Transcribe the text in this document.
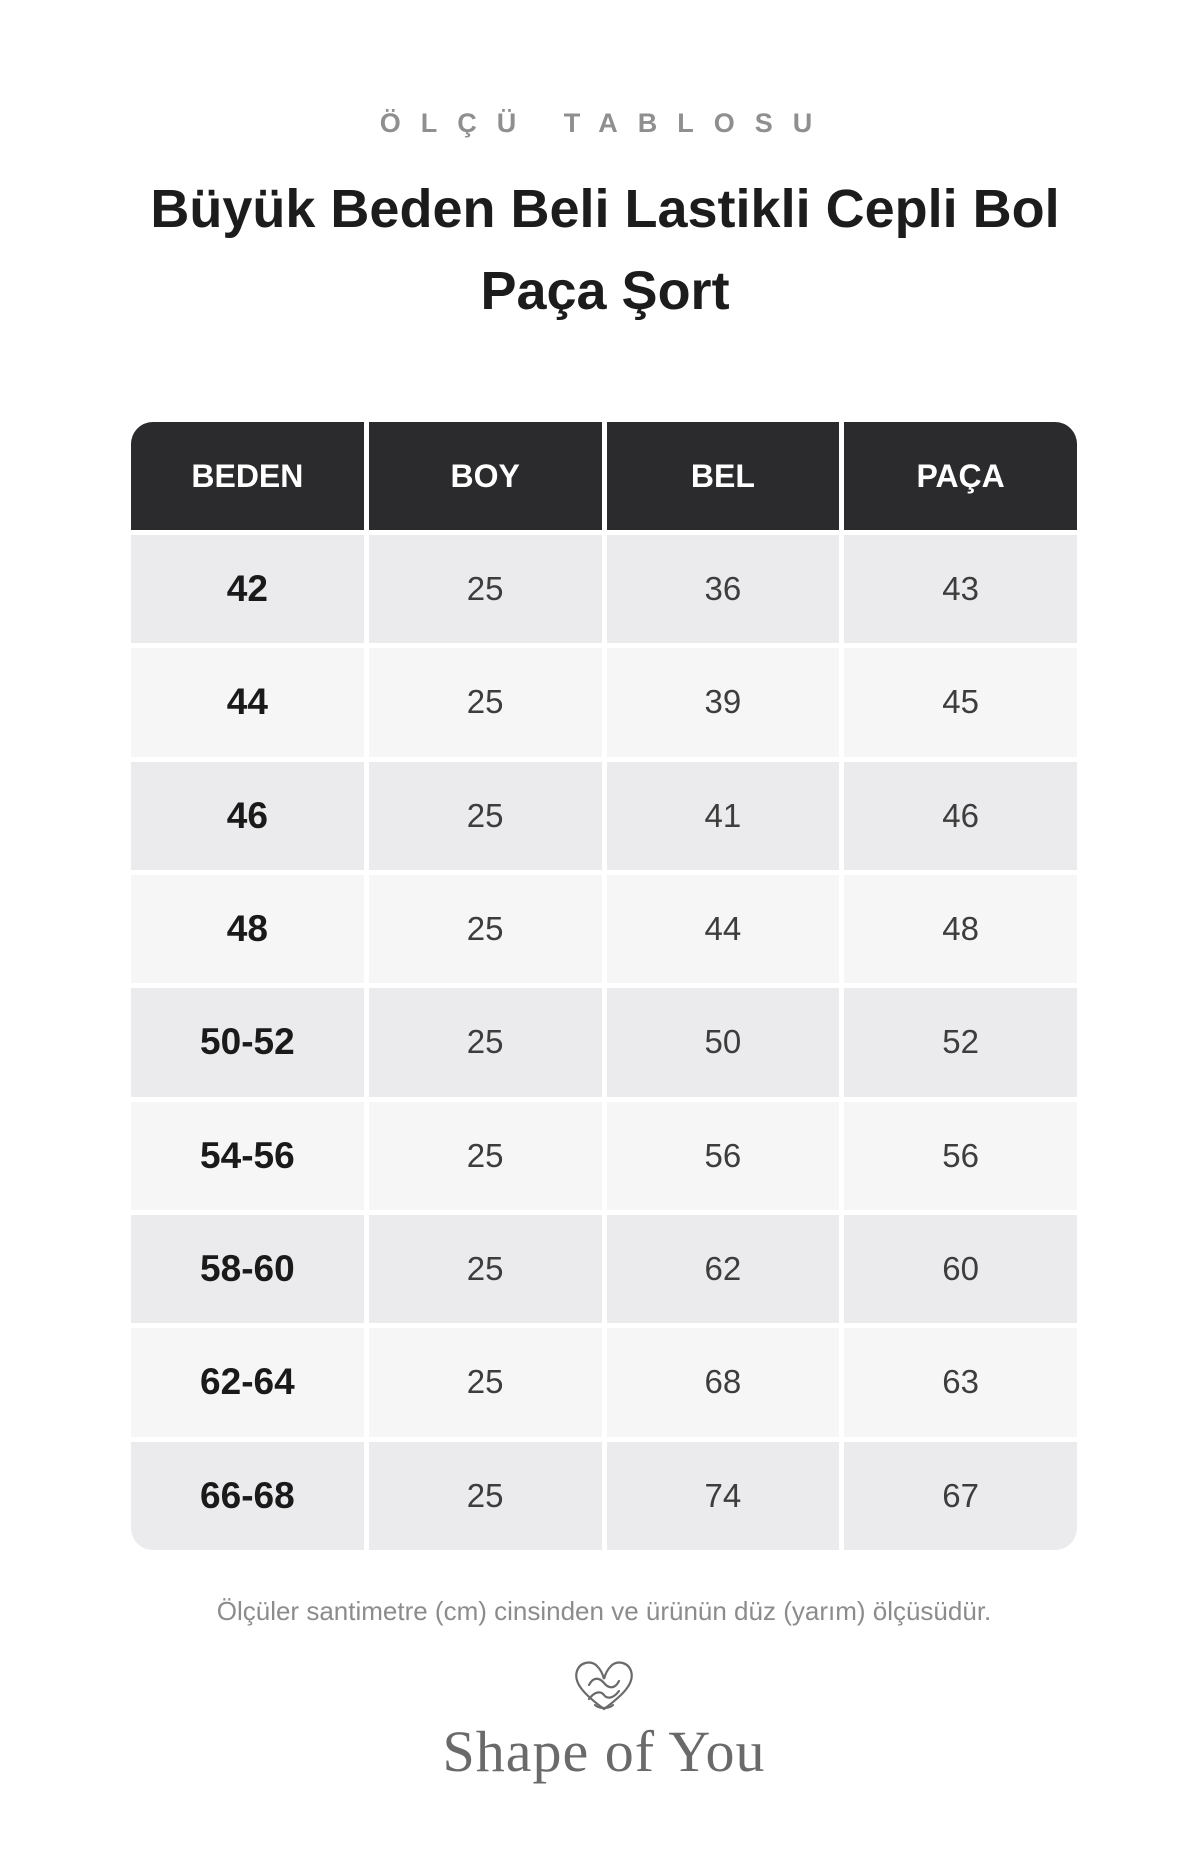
ÖLÇÜ TABLOSU
Büyük Beden Beli Lastikli Cepli Bol Paça Şort
BEDEN	BOY	BEL	PAÇA
42	25	36	43
44	25	39	45
46	25	41	46
48	25	44	48
50-52	25	50	52
54-56	25	56	56
58-60	25	62	60
62-64	25	68	63
66-68	25	74	67
Ölçüler santimetre (cm) cinsinden ve ürünün düz (yarım) ölçüsüdür.
Shape of You
